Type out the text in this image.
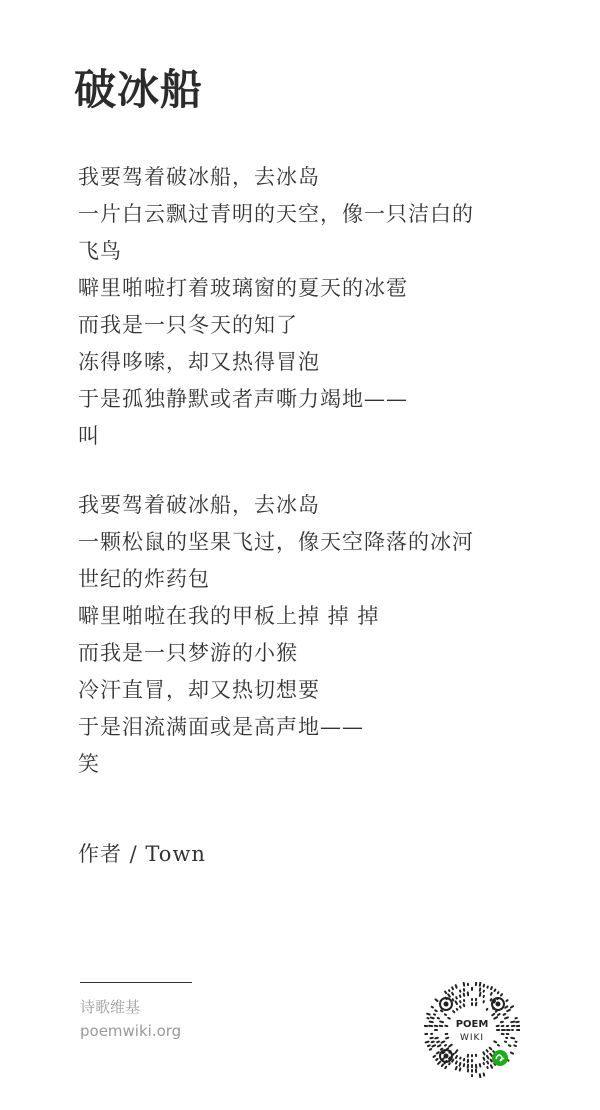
破冰船

我要驾着破冰船，去冰岛

一片白云飘过青明的天空，像一只洁白的

飞鸟

噼里啪啦打着玻璃窗的夏天的冰雹

而我是一只冬天的知了

冻得哆嗦，却又热得冒泡

于是孤独静默或者声嘶力竭地——

叫

我要驾着破冰船，去冰岛

一颗松鼠的坚果飞过，像天空降落的冰河

世纪的炸药包

噼里啪啦在我的甲板上掉 掉 掉

而我是一只梦游的小猴

冷汗直冒，却又热切想要

于是泪流满面或是高声地——

笑

作者 / Town
诗歌维基
poemwiki.org	POEM
WIKI
